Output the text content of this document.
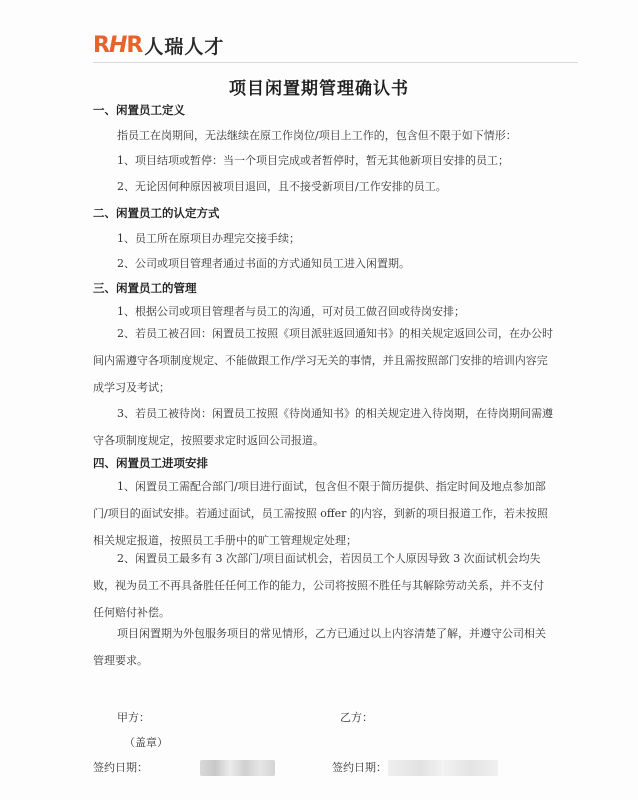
RHR 人瑞人才
项目闲置期管理确认书
一、闲置员工定义
指员工在岗期间，无法继续在原工作岗位/项目上工作的，包含但不限于如下情形：
1、项目结项或暂停：当一个项目完成或者暂停时，暂无其他新项目安排的员工；
2、无论因何种原因被项目退回，且不接受新项目/工作安排的员工。
二、闲置员工的认定方式
1、员工所在原项目办理完交接手续；
2、公司或项目管理者通过书面的方式通知员工进入闲置期。
三、闲置员工的管理
1、根据公司或项目管理者与员工的沟通，可对员工做召回或待岗安排；
2、若员工被召回：闲置员工按照《项目派驻返回通知书》的相关规定返回公司，在办公时间内需遵守各项制度规定、不能做跟工作/学习无关的事情，并且需按照部门安排的培训内容完成学习及考试；
3、若员工被待岗：闲置员工按照《待岗通知书》的相关规定进入待岗期，在待岗期间需遵守各项制度规定，按照要求定时返回公司报道。
四、闲置员工进项安排
1、闲置员工需配合部门/项目进行面试，包含但不限于简历提供、指定时间及地点参加部门/项目的面试安排。若通过面试，员工需按照 offer 的内容，到新的项目报道工作，若未按照相关规定报道，按照员工手册中的旷工管理规定处理；
2、闲置员工最多有 3 次部门/项目面试机会，若因员工个人原因导致 3 次面试机会均失败，视为员工不再具备胜任任何工作的能力，公司将按照不胜任与其解除劳动关系，并不支付任何赔付补偿。
项目闲置期为外包服务项目的常见情形，乙方已通过以上内容清楚了解，并遵守公司相关管理要求。
甲方：	乙方：
（盖章）
签约日期：	签约日期：
